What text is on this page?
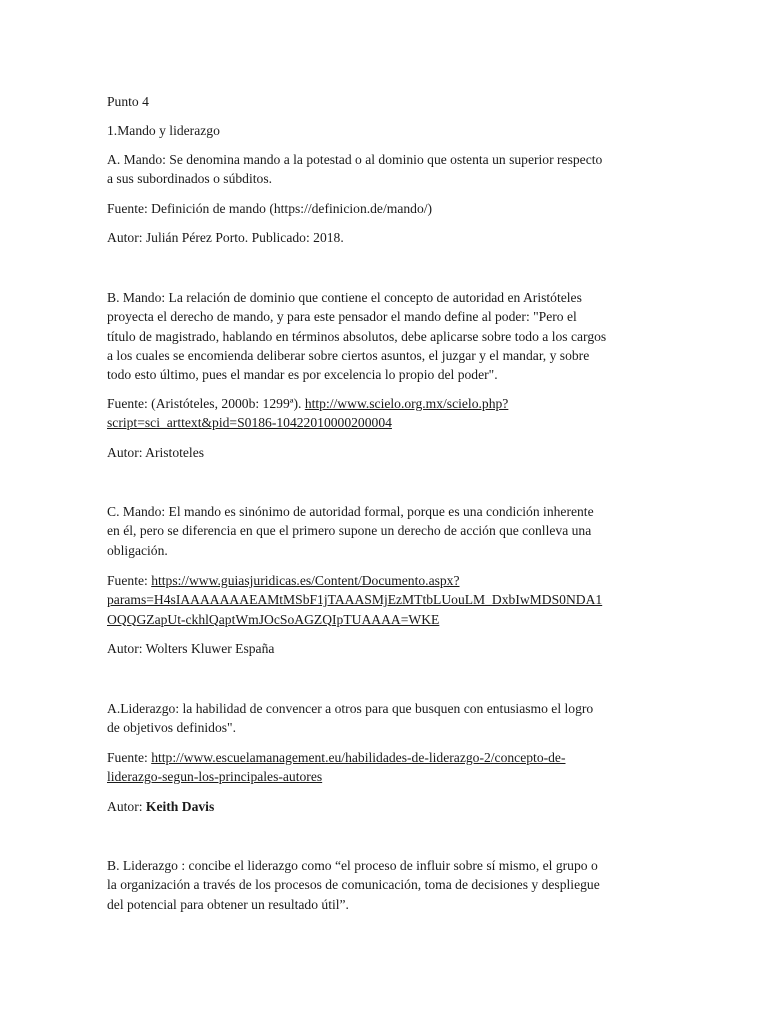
Punto 4

1.Mando y liderazgo

A. Mando: Se denomina mando a la potestad o al dominio que ostenta un superior respecto
a sus subordinados o súbditos.

Fuente: Definición de mando (https://definicion.de/mando/)

Autor: Julián Pérez Porto. Publicado: 2018.

B. Mando: La relación de dominio que contiene el concepto de autoridad en Aristóteles
proyecta el derecho de mando, y para este pensador el mando define al poder: "Pero el
título de magistrado, hablando en términos absolutos, debe aplicarse sobre todo a los cargos
a los cuales se encomienda deliberar sobre ciertos asuntos, el juzgar y el mandar, y sobre
todo esto último, pues el mandar es por excelencia lo propio del poder".

Fuente: (Aristóteles, 2000b: 1299ª). http://www.scielo.org.mx/scielo.php?
script=sci_arttext&pid=S0186-10422010000200004

Autor: Aristoteles

C. Mando: El mando es sinónimo de autoridad formal, porque es una condición inherente
en él, pero se diferencia en que el primero supone un derecho de acción que conlleva una
obligación.

Fuente: https://www.guiasjuridicas.es/Content/Documento.aspx?
params=H4sIAAAAAAAEAMtMSbF1jTAAASMjEzMTtbLUouLM_DxbIwMDS0NDA1
OQQGZapUt-ckhlQaptWmJOcSoAGZQIpTUAAAA=WKE

Autor: Wolters Kluwer España

A.Liderazgo: la habilidad de convencer a otros para que busquen con entusiasmo el logro
de objetivos definidos".

Fuente: http://www.escuelamanagement.eu/habilidades-de-liderazgo-2/concepto-de-
liderazgo-segun-los-principales-autores

Autor: Keith Davis

B. Liderazgo : concibe el liderazgo como “el proceso de influir sobre sí mismo, el grupo o
la organización a través de los procesos de comunicación, toma de decisiones y despliegue
del potencial para obtener un resultado útil”.
